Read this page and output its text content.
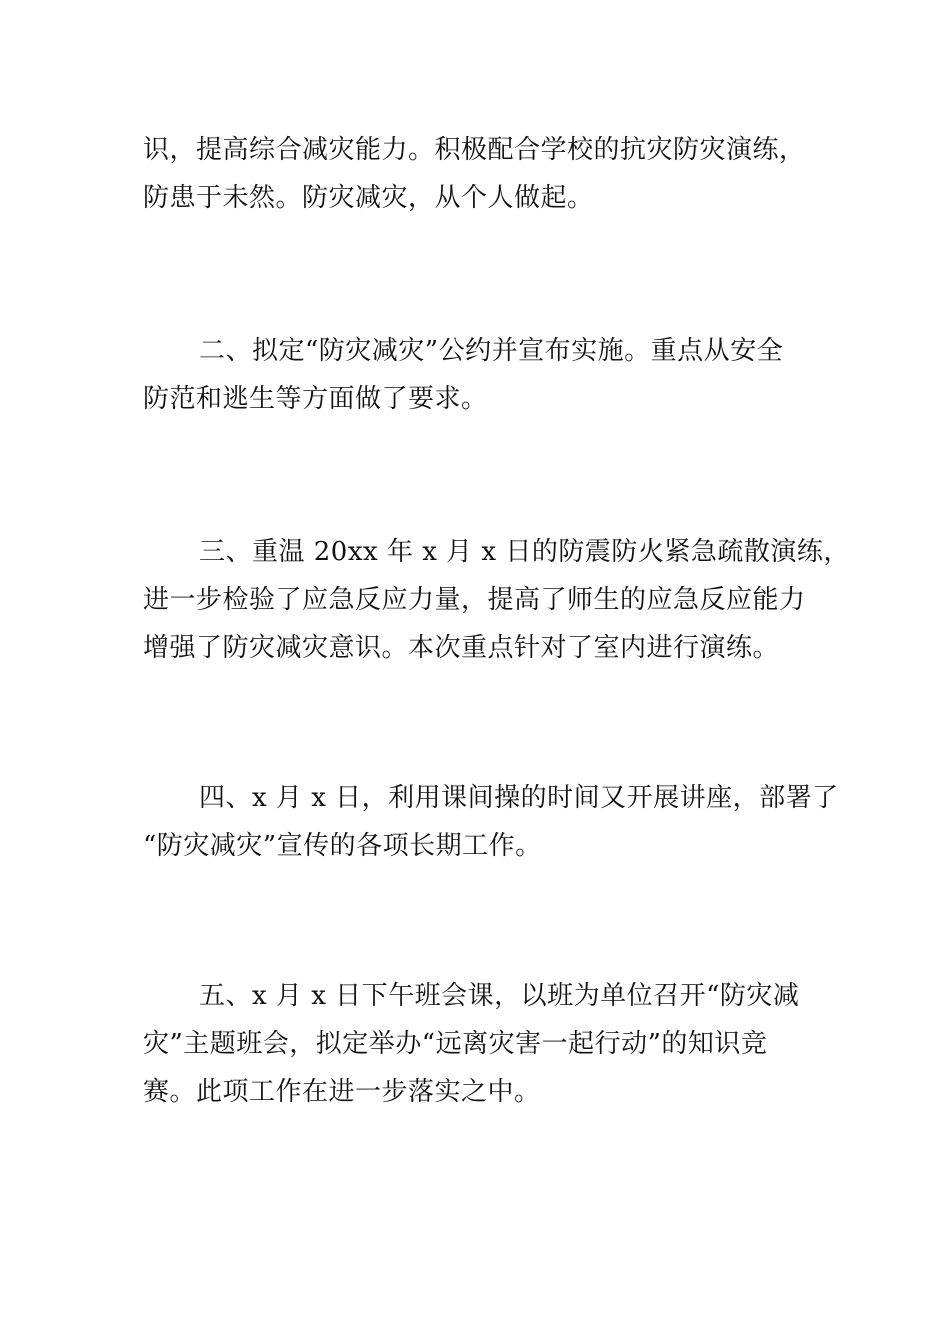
识，提高综合减灾能力。积极配合学校的抗灾防灾演练，
防患于未然。防灾减灾，从个人做起。

二、拟定“防灾减灾”公约并宣布实施。重点从安全
防范和逃生等方面做了要求。

三、重温 20xx 年 x 月 x 日的防震防火紧急疏散演练，
进一步检验了应急反应力量，提高了师生的应急反应能力
增强了防灾减灾意识。本次重点针对了室内进行演练。

四、x 月 x 日，利用课间操的时间又开展讲座，部署了
“防灾减灾”宣传的各项长期工作。

五、x 月 x 日下午班会课，以班为单位召开“防灾减
灾”主题班会，拟定举办“远离灾害一起行动”的知识竞
赛。此项工作在进一步落实之中。
